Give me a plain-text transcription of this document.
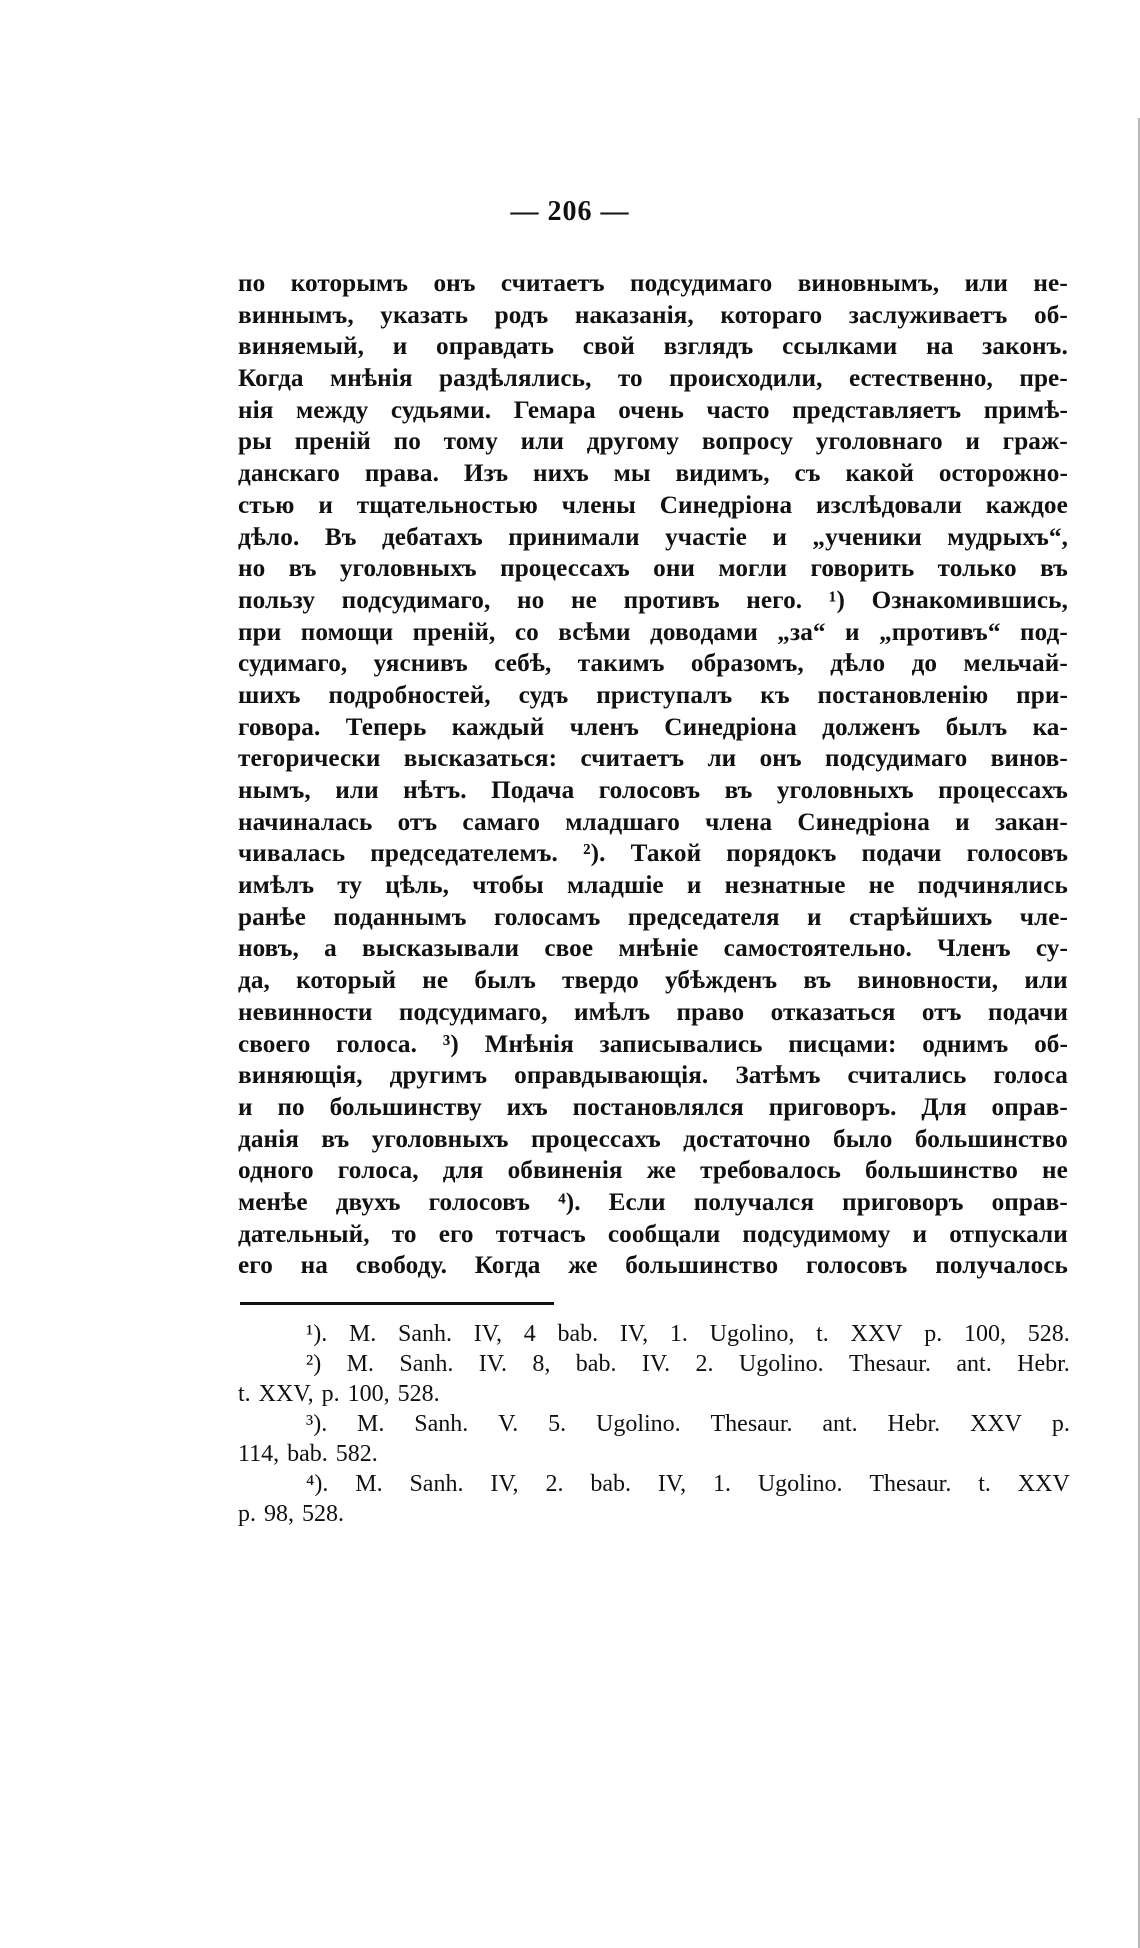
— 206 —
по которымъ онъ считаетъ подсудимаго виновнымъ, или не-
виннымъ, указать родъ наказанія, котораго заслуживаетъ об-
виняемый, и оправдать свой взглядъ ссылками на законъ.
Когда мнѣнія раздѣлялись, то происходили, естественно, пре-
нія между судьями. Гемара очень часто представляетъ примѣ-
ры преній по тому или другому вопросу уголовнаго и граж-
данскаго права. Изъ нихъ мы видимъ, съ какой осторожно-
стью и тщательностью члены Синедріона изслѣдовали каждое
дѣло. Въ дебатахъ принимали участіе и „ученики мудрыхъ“,
но въ уголовныхъ процессахъ они могли говорить только въ
пользу подсудимаго, но не противъ него. ¹) Ознакомившись,
при помощи преній, со всѣми доводами „за“ и „противъ“ под-
судимаго, уяснивъ себѣ, такимъ образомъ, дѣло до мельчай-
шихъ подробностей, судъ приступалъ къ постановленію при-
говора. Теперь каждый членъ Синедріона долженъ былъ ка-
тегорически высказаться: считаетъ ли онъ подсудимаго винов-
нымъ, или нѣтъ. Подача голосовъ въ уголовныхъ процессахъ
начиналась отъ самаго младшаго члена Синедріона и закан-
чивалась председателемъ. ²). Такой порядокъ подачи голосовъ
имѣлъ ту цѣль, чтобы младшіе и незнатные не подчинялись
ранѣе поданнымъ голосамъ председателя и старѣйшихъ чле-
новъ, а высказывали свое мнѣніе самостоятельно. Членъ су-
да, который не былъ твердо убѣжденъ въ виновности, или
невинности подсудимаго, имѣлъ право отказаться отъ подачи
своего голоса. ³) Мнѣнія записывались писцами: однимъ об-
виняющія, другимъ оправдывающія. Затѣмъ считались голоса
и по большинству ихъ постановлялся приговоръ. Для оправ-
данія въ уголовныхъ процессахъ достаточно было большинство
одного голоса, для обвиненія же требовалось большинство не
менѣе двухъ голосовъ ⁴). Если получался приговоръ оправ-
дательный, то его тотчасъ сообщали подсудимому и отпускали
его на свободу. Когда же большинство голосовъ получалось
¹). M. Sanh. IV, 4 bab. IV, 1. Ugolino, t. XXV p. 100, 528.
²) M. Sanh. IV. 8, bab. IV. 2. Ugolino. Thesaur. ant. Hebr.
t. XXV, p. 100, 528.
³). M. Sanh. V. 5. Ugolino. Thesaur. ant. Hebr. XXV p.
114, bab. 582.
⁴). M. Sanh. IV, 2. bab. IV, 1. Ugolino. Thesaur. t. XXV
p. 98, 528.
